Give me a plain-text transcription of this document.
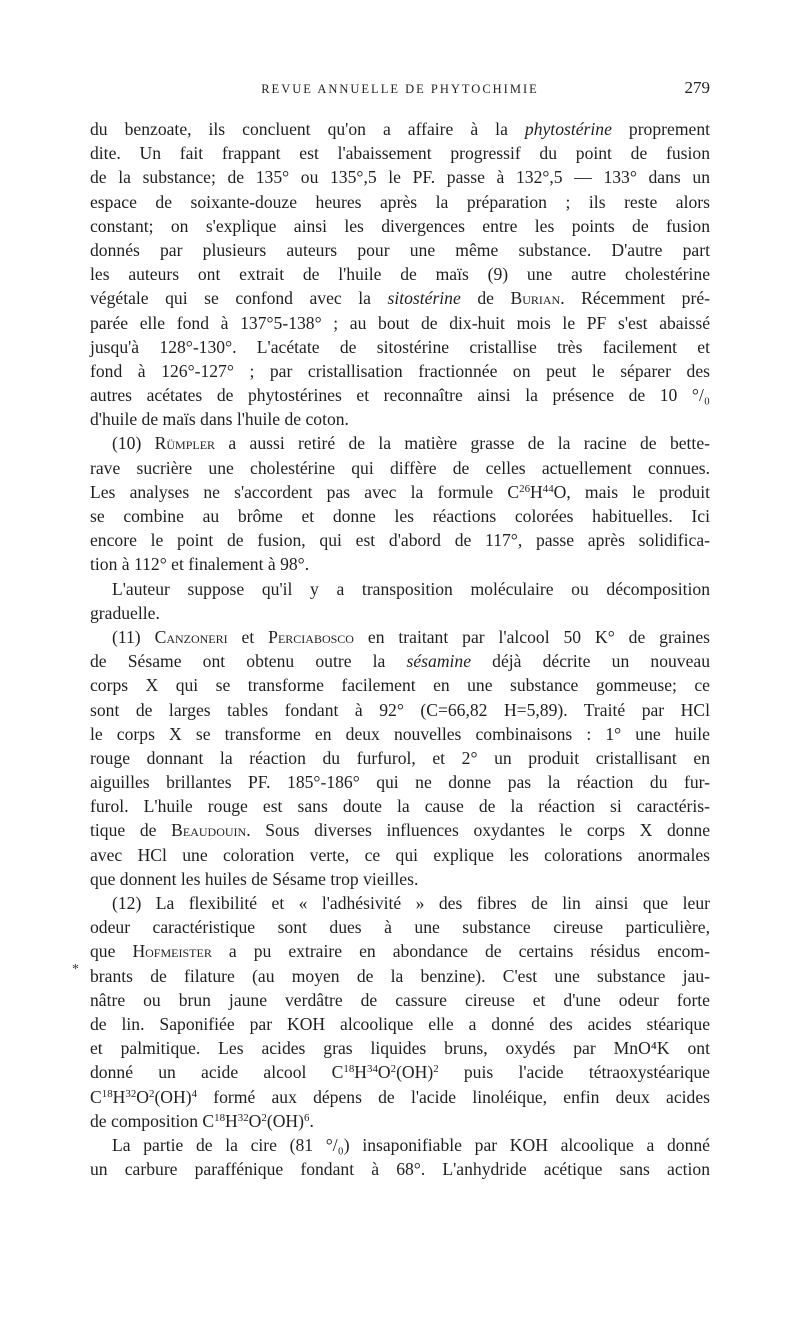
REVUE ANNUELLE DE PHYTOCHIMIE	279
*
du benzoate, ils concluent qu'on a affaire à la phytostérine proprement
dite. Un fait frappant est l'abaissement progressif du point de fusion
de la substance; de 135° ou 135°,5 le PF. passe à 132°,5 — 133° dans un
espace de soixante-douze heures après la préparation ; ils reste alors
constant; on s'explique ainsi les divergences entre les points de fusion
donnés par plusieurs auteurs pour une même substance. D'autre part
les auteurs ont extrait de l'huile de maïs (9) une autre cholestérine
végétale qui se confond avec la sitostérine de Burian. Récemment pré-
parée elle fond à 137°5-138° ; au bout de dix-huit mois le PF s'est abaissé
jusqu'à 128°-130°. L'acétate de sitostérine cristallise très facilement et
fond à 126°-127° ; par cristallisation fractionnée on peut le séparer des
autres acétates de phytostérines et reconnaître ainsi la présence de 10 °/₀
d'huile de maïs dans l'huile de coton.
(10) Rümpler a aussi retiré de la matière grasse de la racine de bette-
rave sucrière une cholestérine qui diffère de celles actuellement connues.
Les analyses ne s'accordent pas avec la formule $C^{26}H^{44}O$, mais le produit
se combine au brôme et donne les réactions colorées habituelles. Ici
encore le point de fusion, qui est d'abord de 117°, passe après solidifica-
tion à 112° et finalement à 98°.
L'auteur suppose qu'il y a transposition moléculaire ou décomposition
graduelle.
(11) Canzoneri et Perciabosco en traitant par l'alcool 50 K° de graines
de Sésame ont obtenu outre la sésamine déjà décrite un nouveau
corps X qui se transforme facilement en une substance gommeuse; ce
sont de larges tables fondant à 92° (C=66,82 H=5,89). Traité par HCl
le corps X se transforme en deux nouvelles combinaisons : 1° une huile
rouge donnant la réaction du furfurol, et 2° un produit cristallisant en
aiguilles brillantes PF. 185°-186° qui ne donne pas la réaction du fur-
furol. L'huile rouge est sans doute la cause de la réaction si caractéris-
tique de Beaudouin. Sous diverses influences oxydantes le corps X donne
avec HCl une coloration verte, ce qui explique les colorations anormales
que donnent les huiles de Sésame trop vieilles.
(12) La flexibilité et « l'adhésivité » des fibres de lin ainsi que leur
odeur caractéristique sont dues à une substance cireuse particulière,
que Hofmeister a pu extraire en abondance de certains résidus encom-
brants de filature (au moyen de la benzine). C'est une substance jau-
nâtre ou brun jaune verdâtre de cassure cireuse et d'une odeur forte
de lin. Saponifiée par KOH alcoolique elle a donné des acides stéarique
et palmitique. Les acides gras liquides bruns, oxydés par MnO⁴K ont
donné un acide alcool $C^{18}H^{34}O^2(OH)^2$ puis l'acide tétraoxystéarique
$C^{18}H^{32}O^2(OH)^4$ formé aux dépens de l'acide linoléique, enfin deux acides
de composition $C^{18}H^{32}O^2(OH)^6$.
La partie de la cire (81 °/₀) insaponifiable par KOH alcoolique a donné
un carbure paraffénique fondant à 68°. L'anhydride acétique sans action
